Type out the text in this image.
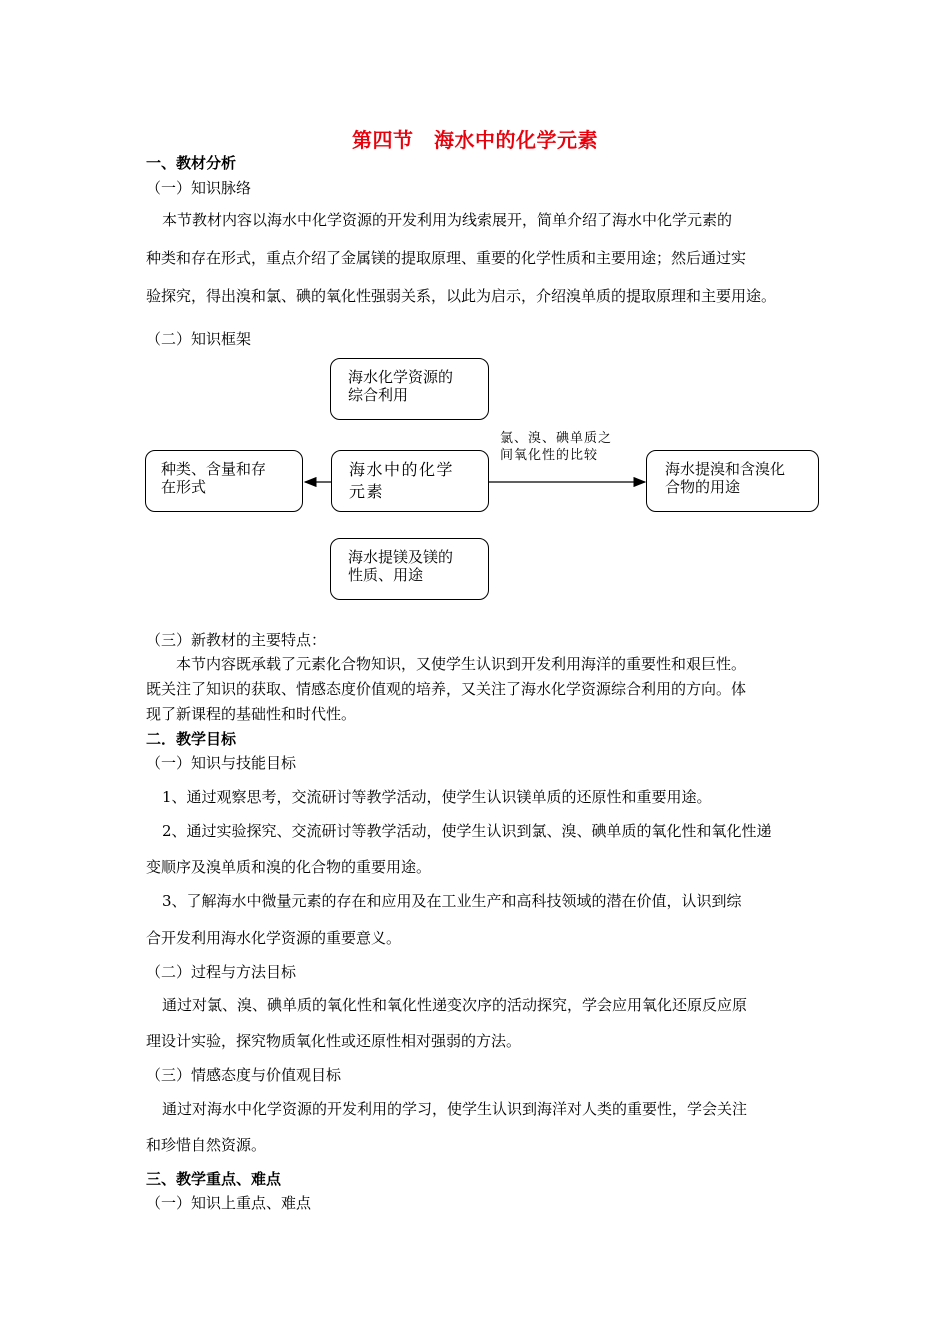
第四节　海水中的化学元素
一、教材分析
（一）知识脉络
本节教材内容以海水中化学资源的开发利用为线索展开，简单介绍了海水中化学元素的
种类和存在形式，重点介绍了金属镁的提取原理、重要的化学性质和主要用途；然后通过实
验探究，得出溴和氯、碘的氧化性强弱关系，以此为启示，介绍溴单质的提取原理和主要用途。
（二）知识框架
海水化学资源的
综合利用
海水中的化学
元素
种类、含量和存
在形式
海水提溴和含溴化
合物的用途
海水提镁及镁的
性质、用途
氯、溴、碘单质之
间氧化性的比较
（三）新教材的主要特点：
本节内容既承载了元素化合物知识，又使学生认识到开发利用海洋的重要性和艰巨性。
既关注了知识的获取、情感态度价值观的培养，又关注了海水化学资源综合利用的方向。体
现了新课程的基础性和时代性。
二．教学目标
（一）知识与技能目标
1、通过观察思考，交流研讨等教学活动，使学生认识镁单质的还原性和重要用途。
2、通过实验探究、交流研讨等教学活动，使学生认识到氯、溴、碘单质的氧化性和氧化性递
变顺序及溴单质和溴的化合物的重要用途。
3、了解海水中微量元素的存在和应用及在工业生产和高科技领域的潜在价值，认识到综
合开发利用海水化学资源的重要意义。
（二）过程与方法目标
通过对氯、溴、碘单质的氧化性和氧化性递变次序的活动探究，学会应用氧化还原反应原
理设计实验，探究物质氧化性或还原性相对强弱的方法。
（三）情感态度与价值观目标
通过对海水中化学资源的开发利用的学习，使学生认识到海洋对人类的重要性，学会关注
和珍惜自然资源。
三、教学重点、难点
（一）知识上重点、难点
